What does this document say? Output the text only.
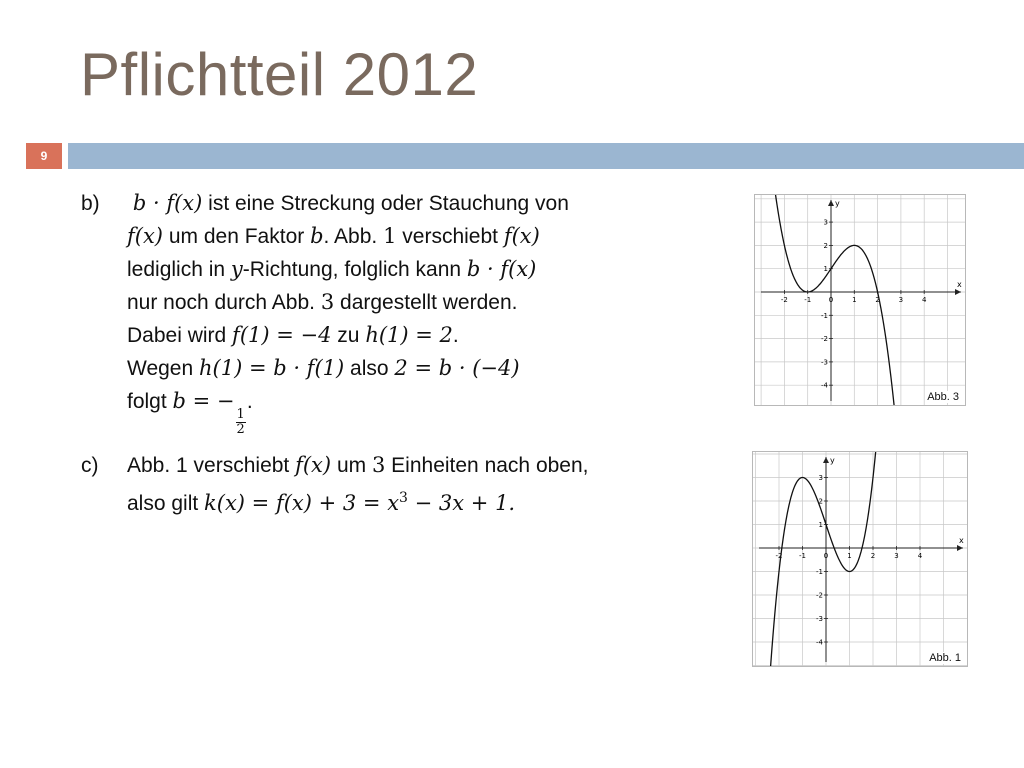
Pflichtteil 2012
9
b)	b · f(x) ist eine Streckung oder Stauchung von
f(x) um den Faktor b. Abb. 1 verschiebt f(x)
lediglich in y-Richtung, folglich kann b · f(x)
nur noch durch Abb. 3 dargestellt werden.
Dabei wird f(1) = −4 zu h(1) = 2.
Wegen h(1) = b · f(1) also 2 = b · (−4)
folgt b = −
$\frac{1}{2}$
.
c)	Abb. 1 verschiebt f(x) um 3 Einheiten nach oben,
also gilt $k(x) = f(x) + 3 = x^3 - 3x + 1$.
x
y
-2 -1	0	1	2	3	4
3
2
1
-1
-2
-3
-4
Abb. 3
x
y
-2 -1	0	1	2	3	4
3
2
1
-1
-2
-3
-4
Abb. 1
